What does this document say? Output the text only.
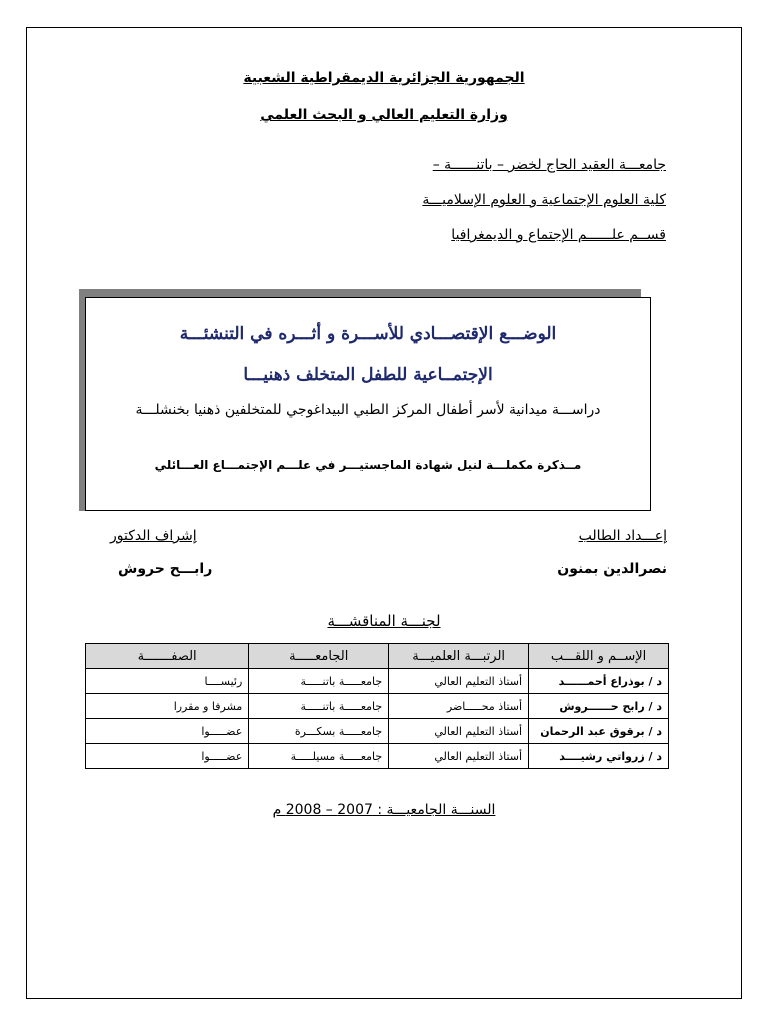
الجمهورية الجزائرية الديمقراطية الشعبية
وزارة التعليم العالي و البحث العلمي
جامعـــة العقيد الحاج لخضر – باتنــــــة –
كلية العلوم الإجتماعية و العلوم الإسلاميـــة
قســم علــــــم الإجتماع و الديمغرافيا
الوضـــع الإقتصـــادي للأســـرة و أثـــره في التنشئـــة
الإجتمــاعية للطفل المتخلف ذهنيـــا
دراســـة ميدانية لأسر أطفال المركز الطبي البيداغوجي للمتخلفين ذهنيا بخنشلـــة
مــذكرة مكملـــة لنيل شهادة الماجستيـــر في علـــم الإجتمـــاع العـــائلي
إعـــداد الطالب
نصرالدين بمنون
إشراف الدكتور
رابـــح حروش
لجنـــة المناقشـــة
الإســم و اللقـــب	الرتبـــة العلميـــة	الجامعـــــة	الصفـــــــة
د / بوذراع أحمــــــد	أستاذ التعليم العالي	جامعـــــة باتنـــــة	رئيســــا
د / رابح حــــــروش	أستاذ محـــــاضر	جامعـــــة باتنـــــة	مشرفا و مقررا
د / برقوق عبد الرحمان	أستاذ التعليم العالي	جامعـــــة بسكـــرة	عضـــــوا
د / زرواتي رشيــــد	أستاذ التعليم العالي	جامعـــــة مسيلـــــة	عضـــــوا
السنـــة الجامعيـــة : 2007 – 2008 م
